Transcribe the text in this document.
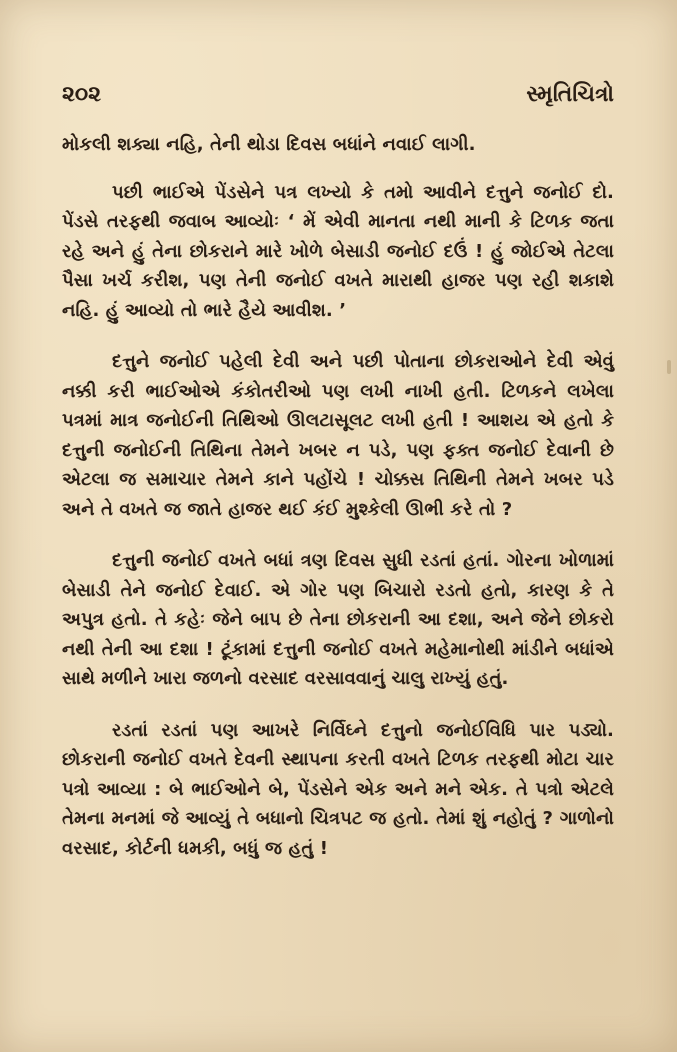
૨૦૨	સ્મૃતિચિત્રો

મોકલી શક્યા નહિ, તેની થોડા દિવસ બધાંને નવાઈ લાગી.

પછી ભાઈએ પેંડસેને પત્ર લખ્યો કે તમો આવીને દત્તુને જનોઈ દો. પેંડસે તરફથી જવાબ આવ્યોઃ ‘ મેં એવી માનતા નથી માની કે ટિળક જતા રહે અને હું તેના છોકરાને મારે ખોળે બેસાડી જનોઈ દઉં ! હું જોઈએ તેટલા પૈસા ખર્ચ કરીશ, પણ તેની જનોઈ વખતે મારાથી હાજર પણ રહી શકાશે નહિ. હું આવ્યો તો ભારે હૈયે આવીશ. ’

દત્તુને જનોઈ પહેલી દેવી અને પછી પોતાના છોકરાઓને દેવી એવું નક્કી કરી ભાઈઓએ કંકોતરીઓ પણ લખી નાખી હતી. ટિળકને લખેલા પત્રમાં માત્ર જનોઈની તિથિઓ ઊલટાસૂલટ લખી હતી ! આશય એ હતો કે દત્તુની જનોઈની તિથિના તેમને ખબર ન પડે, પણ ફક્ત જનોઈ દેવાની છે એટલા જ સમાચાર તેમને કાને પહોંચે ! ચોક્કસ તિથિની તેમને ખબર પડે અને તે વખતે જ જાતે હાજર થઈ કંઈ મુશ્કેલી ઊભી કરે તો ?

દત્તુની જનોઈ વખતે બધાં ત્રણ દિવસ સુધી રડતાં હતાં. ગોરના ખોળામાં બેસાડી તેને જનોઈ દેવાઈ. એ ગોર પણ બિચારો રડતો હતો, કારણ કે તે અપુત્ર હતો. તે કહેઃ જેને બાપ છે તેના છોકરાની આ દશા, અને જેને છોકરો નથી તેની આ દશા ! ટૂંકામાં દત્તુની જનોઈ વખતે મહેમાનોથી માંડીને બધાંએ સાથે મળીને ખારા જળનો વરસાદ વરસાવવાનું ચાલુ રાખ્યું હતું.

રડતાં રડતાં પણ આખરે નિર્વિઘ્ને દત્તુનો જનોઈવિધિ પાર પડ્યો. છોકરાની જનોઈ વખતે દેવની સ્થાપના કરતી વખતે ટિળક તરફથી મોટા ચાર પત્રો આવ્યા : બે ભાઈઓને બે, પેંડસેને એક અને મને એક. તે પત્રો એટલે તેમના મનમાં જે આવ્યું તે બધાનો ચિત્રપટ જ હતો. તેમાં શું નહોતું ? ગાળોનો વરસાદ, કોર્ટની ધમકી, બધું જ હતું !
